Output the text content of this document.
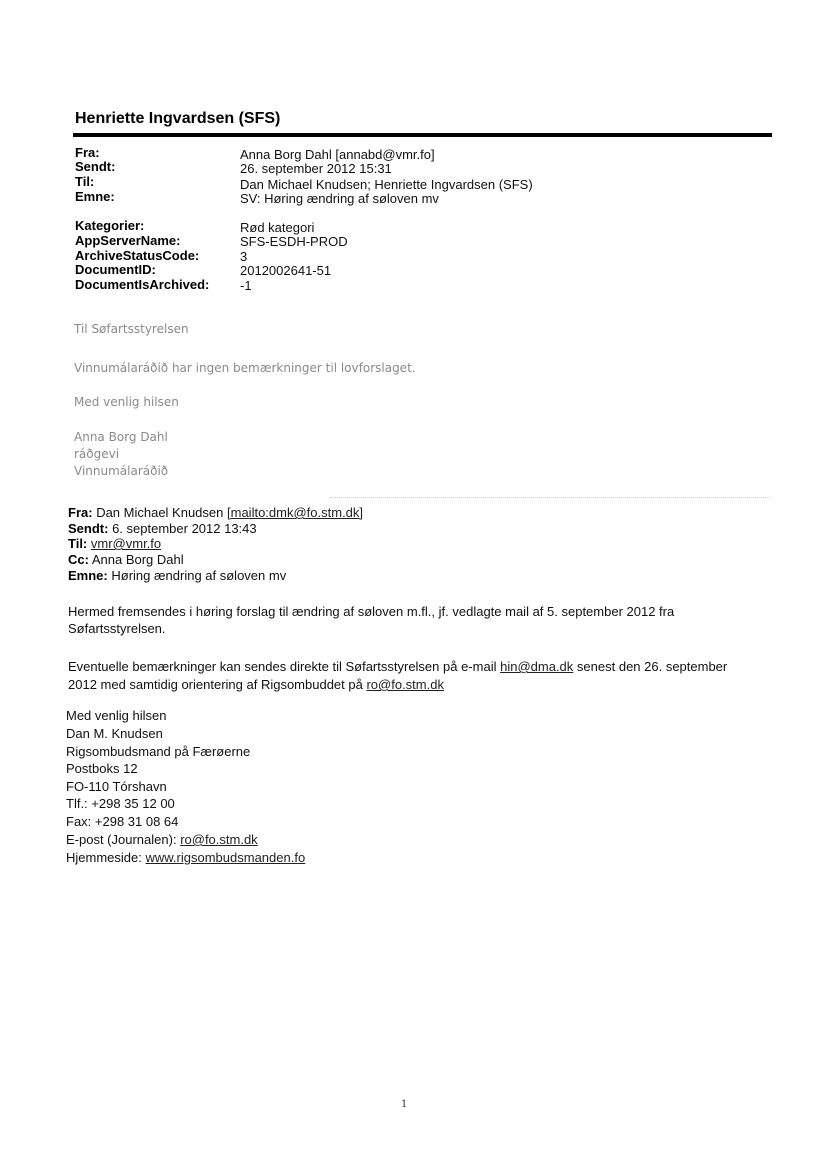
Henriette Ingvardsen (SFS)
Fra:	Anna Borg Dahl [annabd@vmr.fo]
Sendt:	26. september 2012 15:31
Til:	Dan Michael Knudsen; Henriette Ingvardsen (SFS)
Emne:	SV: Høring ændring af søloven mv
Kategorier:	Rød kategori
AppServerName:	SFS-ESDH-PROD
ArchiveStatusCode:	3
DocumentID:	2012002641-51
DocumentIsArchived: -1
Til Søfartsstyrelsen
Vinnumálaráðið har ingen bemærkninger til lovforslaget.
Med venlig hilsen
Anna Borg Dahl
ráðgevi
Vinnumálaráðið
Fra: Dan Michael Knudsen [mailto:dmk@fo.stm.dk]
Sendt: 6. september 2012 13:43
Til: vmr@vmr.fo
Cc: Anna Borg Dahl
Emne: Høring ændring af søloven mv
Hermed fremsendes i høring forslag til ændring af søloven m.fl., jf. vedlagte mail af 5. september 2012 fra
Søfartsstyrelsen.
Eventuelle bemærkninger kan sendes direkte til Søfartsstyrelsen på e-mail hin@dma.dk senest den 26. september
2012 med samtidig orientering af Rigsombuddet på ro@fo.stm.dk
Med venlig hilsen
Dan M. Knudsen
Rigsombudsmand på Færøerne
Postboks 12
FO-110 Tórshavn
Tlf.: +298 35 12 00
Fax: +298 31 08 64
E-post (Journalen): ro@fo.stm.dk
Hjemmeside: www.rigsombudsmanden.fo
1
